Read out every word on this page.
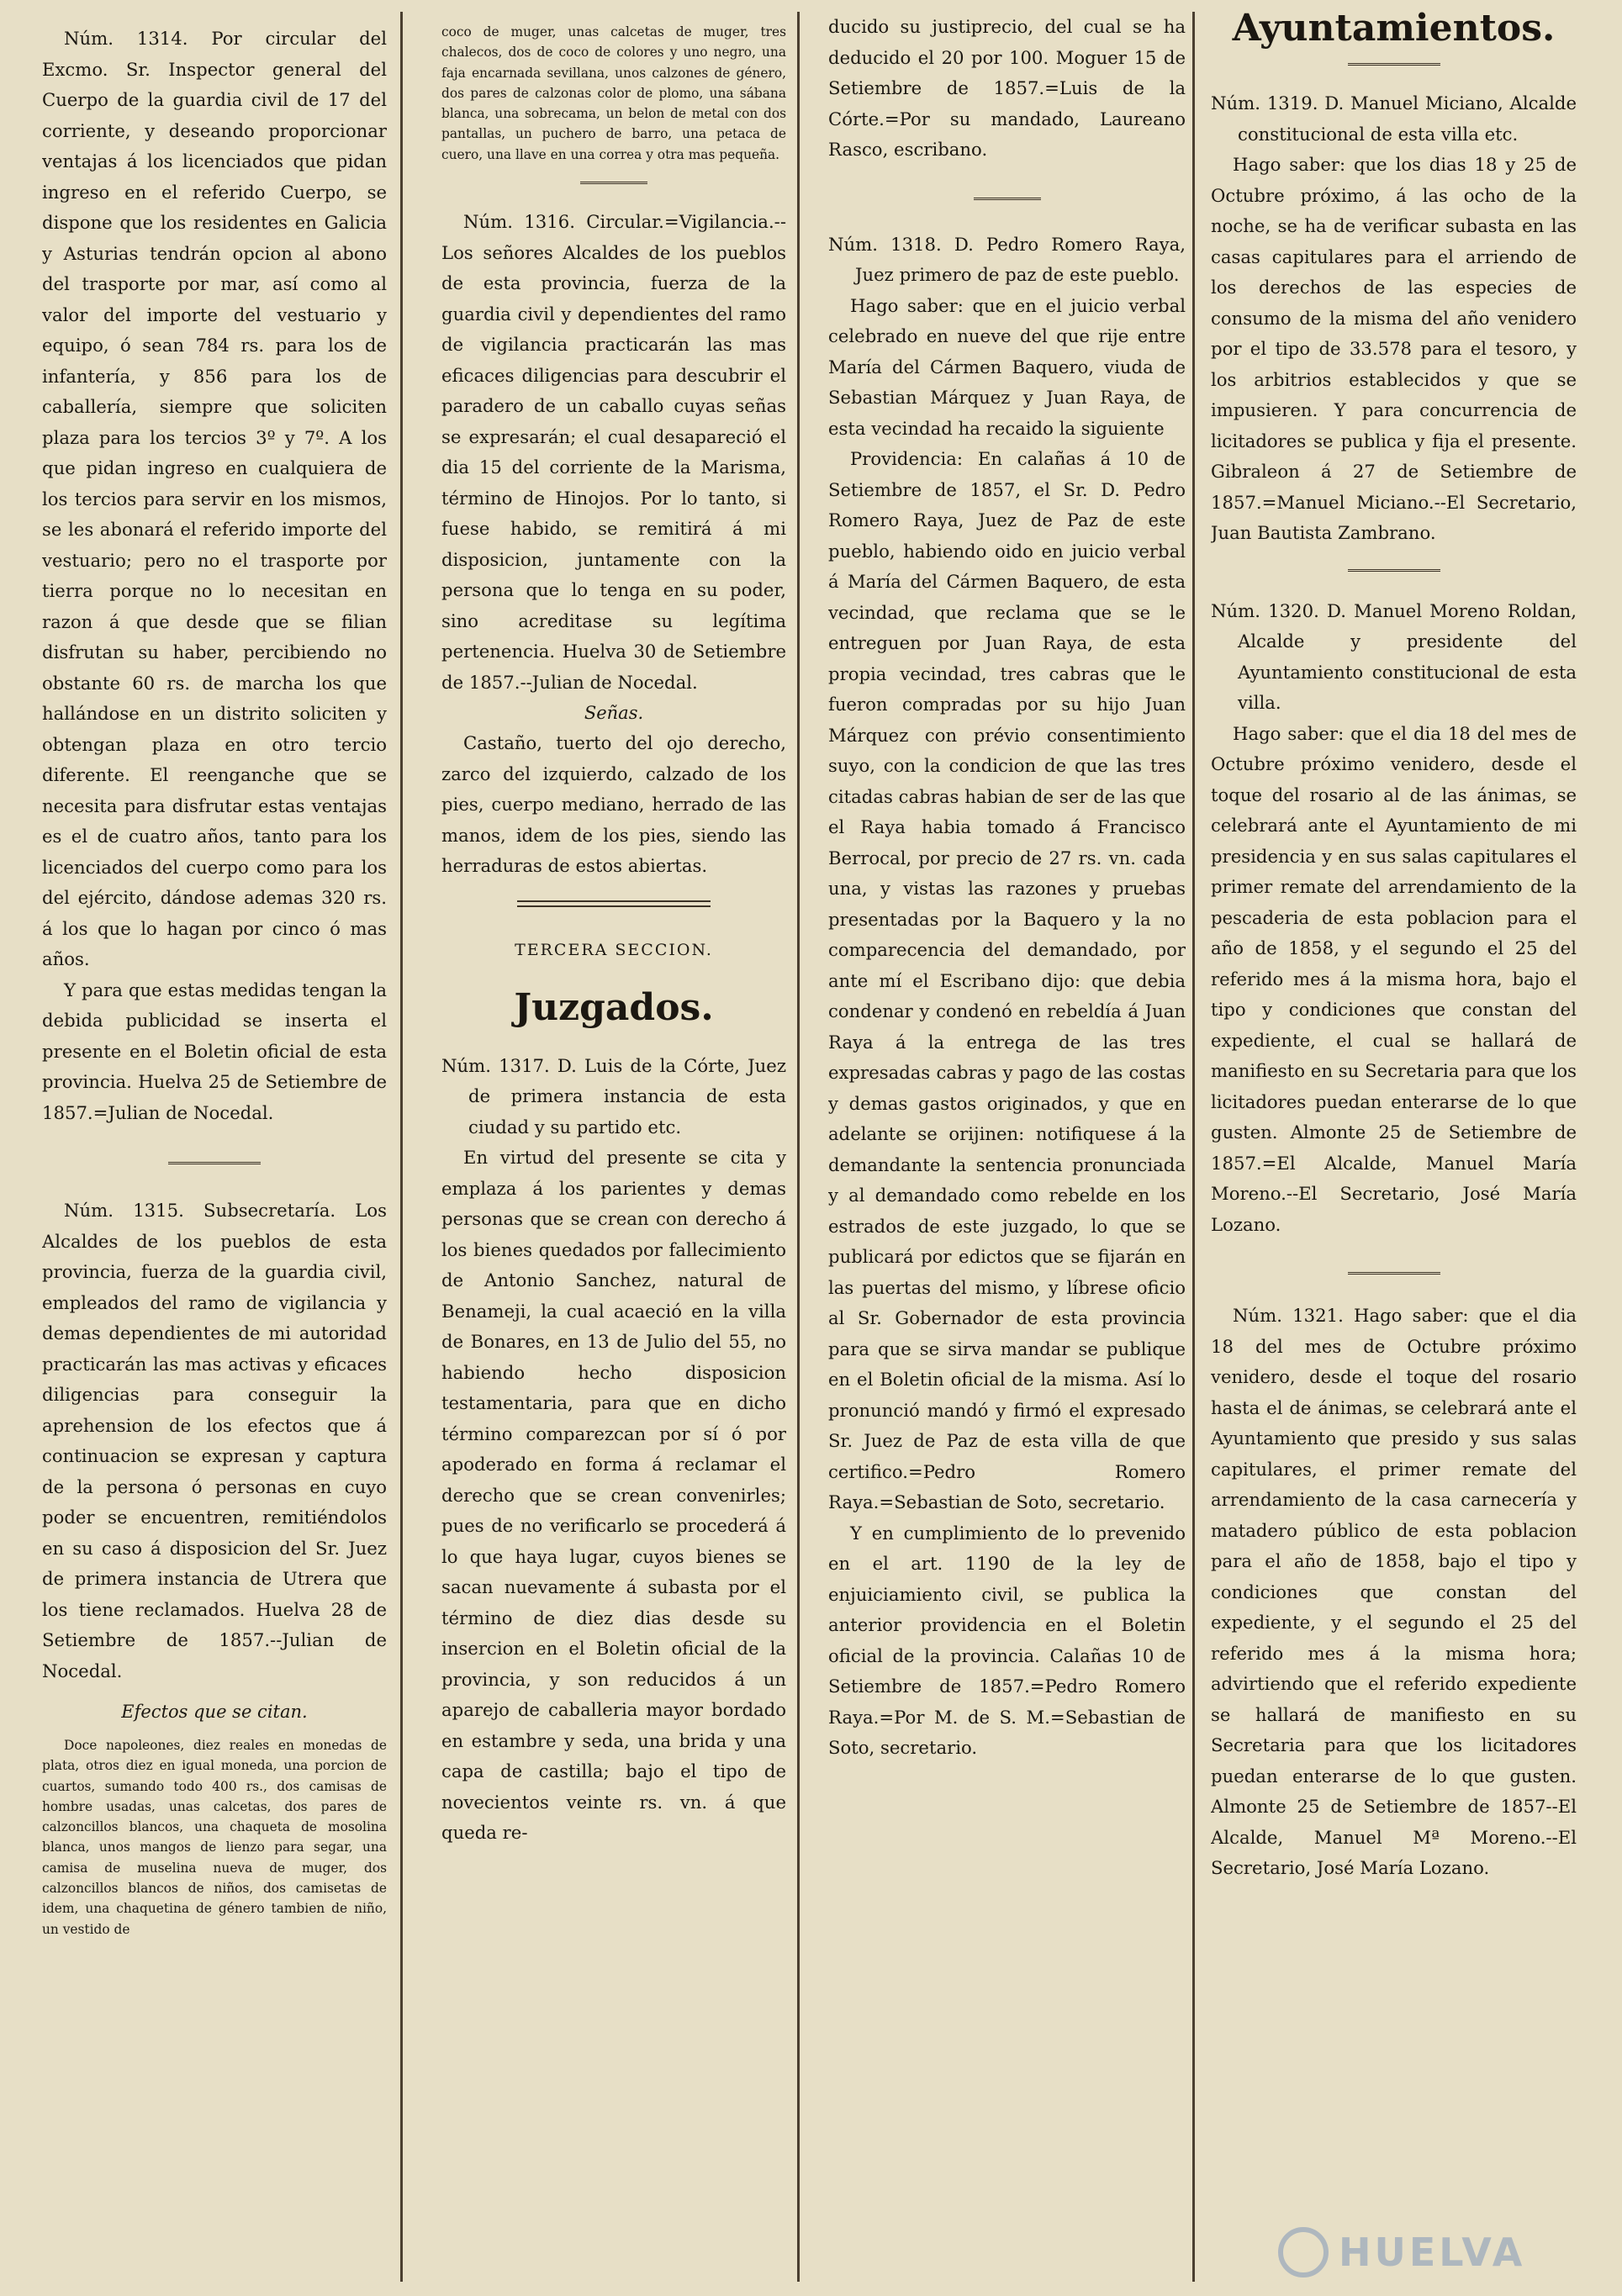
Núm. 1314. Por circular del Excmo. Sr. Inspector general del Cuerpo de la guardia civil de 17 del corriente, y deseando proporcionar ventajas á los licenciados que pidan ingreso en el referido Cuerpo, se dispone que los residentes en Galicia y Asturias tendrán opcion al abono del trasporte por mar, así como al valor del importe del vestuario y equipo, ó sean 784 rs. para los de infantería, y 856 para los de caballería, siempre que soliciten plaza para los tercios 3º y 7º. A los que pidan ingreso en cualquiera de los tercios para servir en los mismos, se les abonará el referido importe del vestuario; pero no el trasporte por tierra porque no lo necesitan en razon á que desde que se filian disfrutan su haber, percibiendo no obstante 60 rs. de marcha los que hallándose en un distrito soliciten y obtengan plaza en otro tercio diferente. El reenganche que se necesita para disfrutar estas ventajas es el de cuatro años, tanto para los licenciados del cuerpo como para los del ejército, dándose ademas 320 rs. á los que lo hagan por cinco ó mas años.

Y para que estas medidas tengan la debida publicidad se inserta el presente en el Boletin oficial de esta provincia. Huelva 25 de Setiembre de 1857.=Julian de Nocedal.

Núm. 1315. Subsecretaría. Los Alcaldes de los pueblos de esta provincia, fuerza de la guardia civil, empleados del ramo de vigilancia y demas dependientes de mi autoridad practicarán las mas activas y eficaces diligencias para conseguir la aprehension de los efectos que á continuacion se expresan y captura de la persona ó personas en cuyo poder se encuentren, remitiéndolos en su caso á disposicion del Sr. Juez de primera instancia de Utrera que los tiene reclamados. Huelva 28 de Setiembre de 1857.--Julian de Nocedal.

Efectos que se citan.

Doce napoleones, diez reales en monedas de plata, otros diez en igual moneda, una porcion de cuartos, sumando todo 400 rs., dos camisas de hombre usadas, unas calcetas, dos pares de calzoncillos blancos, una chaqueta de mosolina blanca, unos mangos de lienzo para segar, una camisa de muselina nueva de muger, dos calzoncillos blancos de niños, dos camisetas de idem, una chaquetina de género tambien de niño, un vestido de

coco de muger, unas calcetas de muger, tres chalecos, dos de coco de colores y uno negro, una faja encarnada sevillana, unos calzones de género, dos pares de calzonas color de plomo, una sábana blanca, una sobrecama, un belon de metal con dos pantallas, un puchero de barro, una petaca de cuero, una llave en una correa y otra mas pequeña.

Núm. 1316. Circular.=Vigilancia.--Los señores Alcaldes de los pueblos de esta provincia, fuerza de la guardia civil y dependientes del ramo de vigilancia practicarán las mas eficaces diligencias para descubrir el paradero de un caballo cuyas señas se expresarán; el cual desapareció el dia 15 del corriente de la Marisma, término de Hinojos. Por lo tanto, si fuese habido, se remitirá á mi disposicion, juntamente con la persona que lo tenga en su poder, sino acreditase su legítima pertenencia. Huelva 30 de Setiembre de 1857.--Julian de Nocedal.

Señas.

Castaño, tuerto del ojo derecho, zarco del izquierdo, calzado de los pies, cuerpo mediano, herrado de las manos, idem de los pies, siendo las herraduras de estos abiertas.

TERCERA SECCION.

Juzgados.

Núm. 1317. D. Luis de la Córte, Juez de primera instancia de esta ciudad y su partido etc.

En virtud del presente se cita y emplaza á los parientes y demas personas que se crean con derecho á los bienes quedados por fallecimiento de Antonio Sanchez, natural de Benameji, la cual acaeció en la villa de Bonares, en 13 de Julio del 55, no habiendo hecho disposicion testamentaria, para que en dicho término comparezcan por sí ó por apoderado en forma á reclamar el derecho que se crean convenirles; pues de no verificarlo se procederá á lo que haya lugar, cuyos bienes se sacan nuevamente á subasta por el término de diez dias desde su insercion en el Boletin oficial de la provincia, y son reducidos á un aparejo de caballeria mayor bordado en estambre y seda, una brida y una capa de castilla; bajo el tipo de novecientos veinte rs. vn. á que queda re-

ducido su justiprecio, del cual se ha deducido el 20 por 100. Moguer 15 de Setiembre de 1857.=Luis de la Córte.=Por su mandado, Laureano Rasco, escribano.

Núm. 1318. D. Pedro Romero Raya, Juez primero de paz de este pueblo.

Hago saber: que en el juicio verbal celebrado en nueve del que rije entre María del Cármen Baquero, viuda de Sebastian Márquez y Juan Raya, de esta vecindad ha recaido la siguiente

Providencia: En calañas á 10 de Setiembre de 1857, el Sr. D. Pedro Romero Raya, Juez de Paz de este pueblo, habiendo oido en juicio verbal á María del Cármen Baquero, de esta vecindad, que reclama que se le entreguen por Juan Raya, de esta propia vecindad, tres cabras que le fueron compradas por su hijo Juan Márquez con prévio consentimiento suyo, con la condicion de que las tres citadas cabras habian de ser de las que el Raya habia tomado á Francisco Berrocal, por precio de 27 rs. vn. cada una, y vistas las razones y pruebas presentadas por la Baquero y la no comparecencia del demandado, por ante mí el Escribano dijo: que debia condenar y condenó en rebeldía á Juan Raya á la entrega de las tres expresadas cabras y pago de las costas y demas gastos originados, y que en adelante se orijinen: notifiquese á la demandante la sentencia pronunciada y al demandado como rebelde en los estrados de este juzgado, lo que se publicará por edictos que se fijarán en las puertas del mismo, y líbrese oficio al Sr. Gobernador de esta provincia para que se sirva mandar se publique en el Boletin oficial de la misma. Así lo pronunció mandó y firmó el expresado Sr. Juez de Paz de esta villa de que certifico.=Pedro Romero Raya.=Sebastian de Soto, secretario.

Y en cumplimiento de lo prevenido en el art. 1190 de la ley de enjuiciamiento civil, se publica la anterior providencia en el Boletin oficial de la provincia. Calañas 10 de Setiembre de 1857.=Pedro Romero Raya.=Por M. de S. M.=Sebastian de Soto, secretario.

Ayuntamientos.

Núm. 1319. D. Manuel Miciano, Alcalde constitucional de esta villa etc.

Hago saber: que los dias 18 y 25 de Octubre próximo, á las ocho de la noche, se ha de verificar subasta en las casas capitulares para el arriendo de los derechos de las especies de consumo de la misma del año venidero por el tipo de 33.578 para el tesoro, y los arbitrios establecidos y que se impusieren. Y para concurrencia de licitadores se publica y fija el presente. Gibraleon á 27 de Setiembre de 1857.=Manuel Miciano.--El Secretario, Juan Bautista Zambrano.

Núm. 1320. D. Manuel Moreno Roldan, Alcalde y presidente del Ayuntamiento constitucional de esta villa.

Hago saber: que el dia 18 del mes de Octubre próximo venidero, desde el toque del rosario al de las ánimas, se celebrará ante el Ayuntamiento de mi presidencia y en sus salas capitulares el primer remate del arrendamiento de la pescaderia de esta poblacion para el año de 1858, y el segundo el 25 del referido mes á la misma hora, bajo el tipo y condiciones que constan del expediente, el cual se hallará de manifiesto en su Secretaria para que los licitadores puedan enterarse de lo que gusten. Almonte 25 de Setiembre de 1857.=El Alcalde, Manuel María Moreno.--El Secretario, José María Lozano.

Núm. 1321. Hago saber: que el dia 18 del mes de Octubre próximo venidero, desde el toque del rosario hasta el de ánimas, se celebrará ante el Ayuntamiento que presido y sus salas capitulares, el primer remate del arrendamiento de la casa carnecería y matadero público de esta poblacion para el año de 1858, bajo el tipo y condiciones que constan del expediente, y el segundo el 25 del referido mes á la misma hora; advirtiendo que el referido expediente se hallará de manifiesto en su Secretaria para que los licitadores puedan enterarse de lo que gusten. Almonte 25 de Setiembre de 1857--El Alcalde, Manuel Mª Moreno.--El Secretario, José María Lozano.

HUELVA
